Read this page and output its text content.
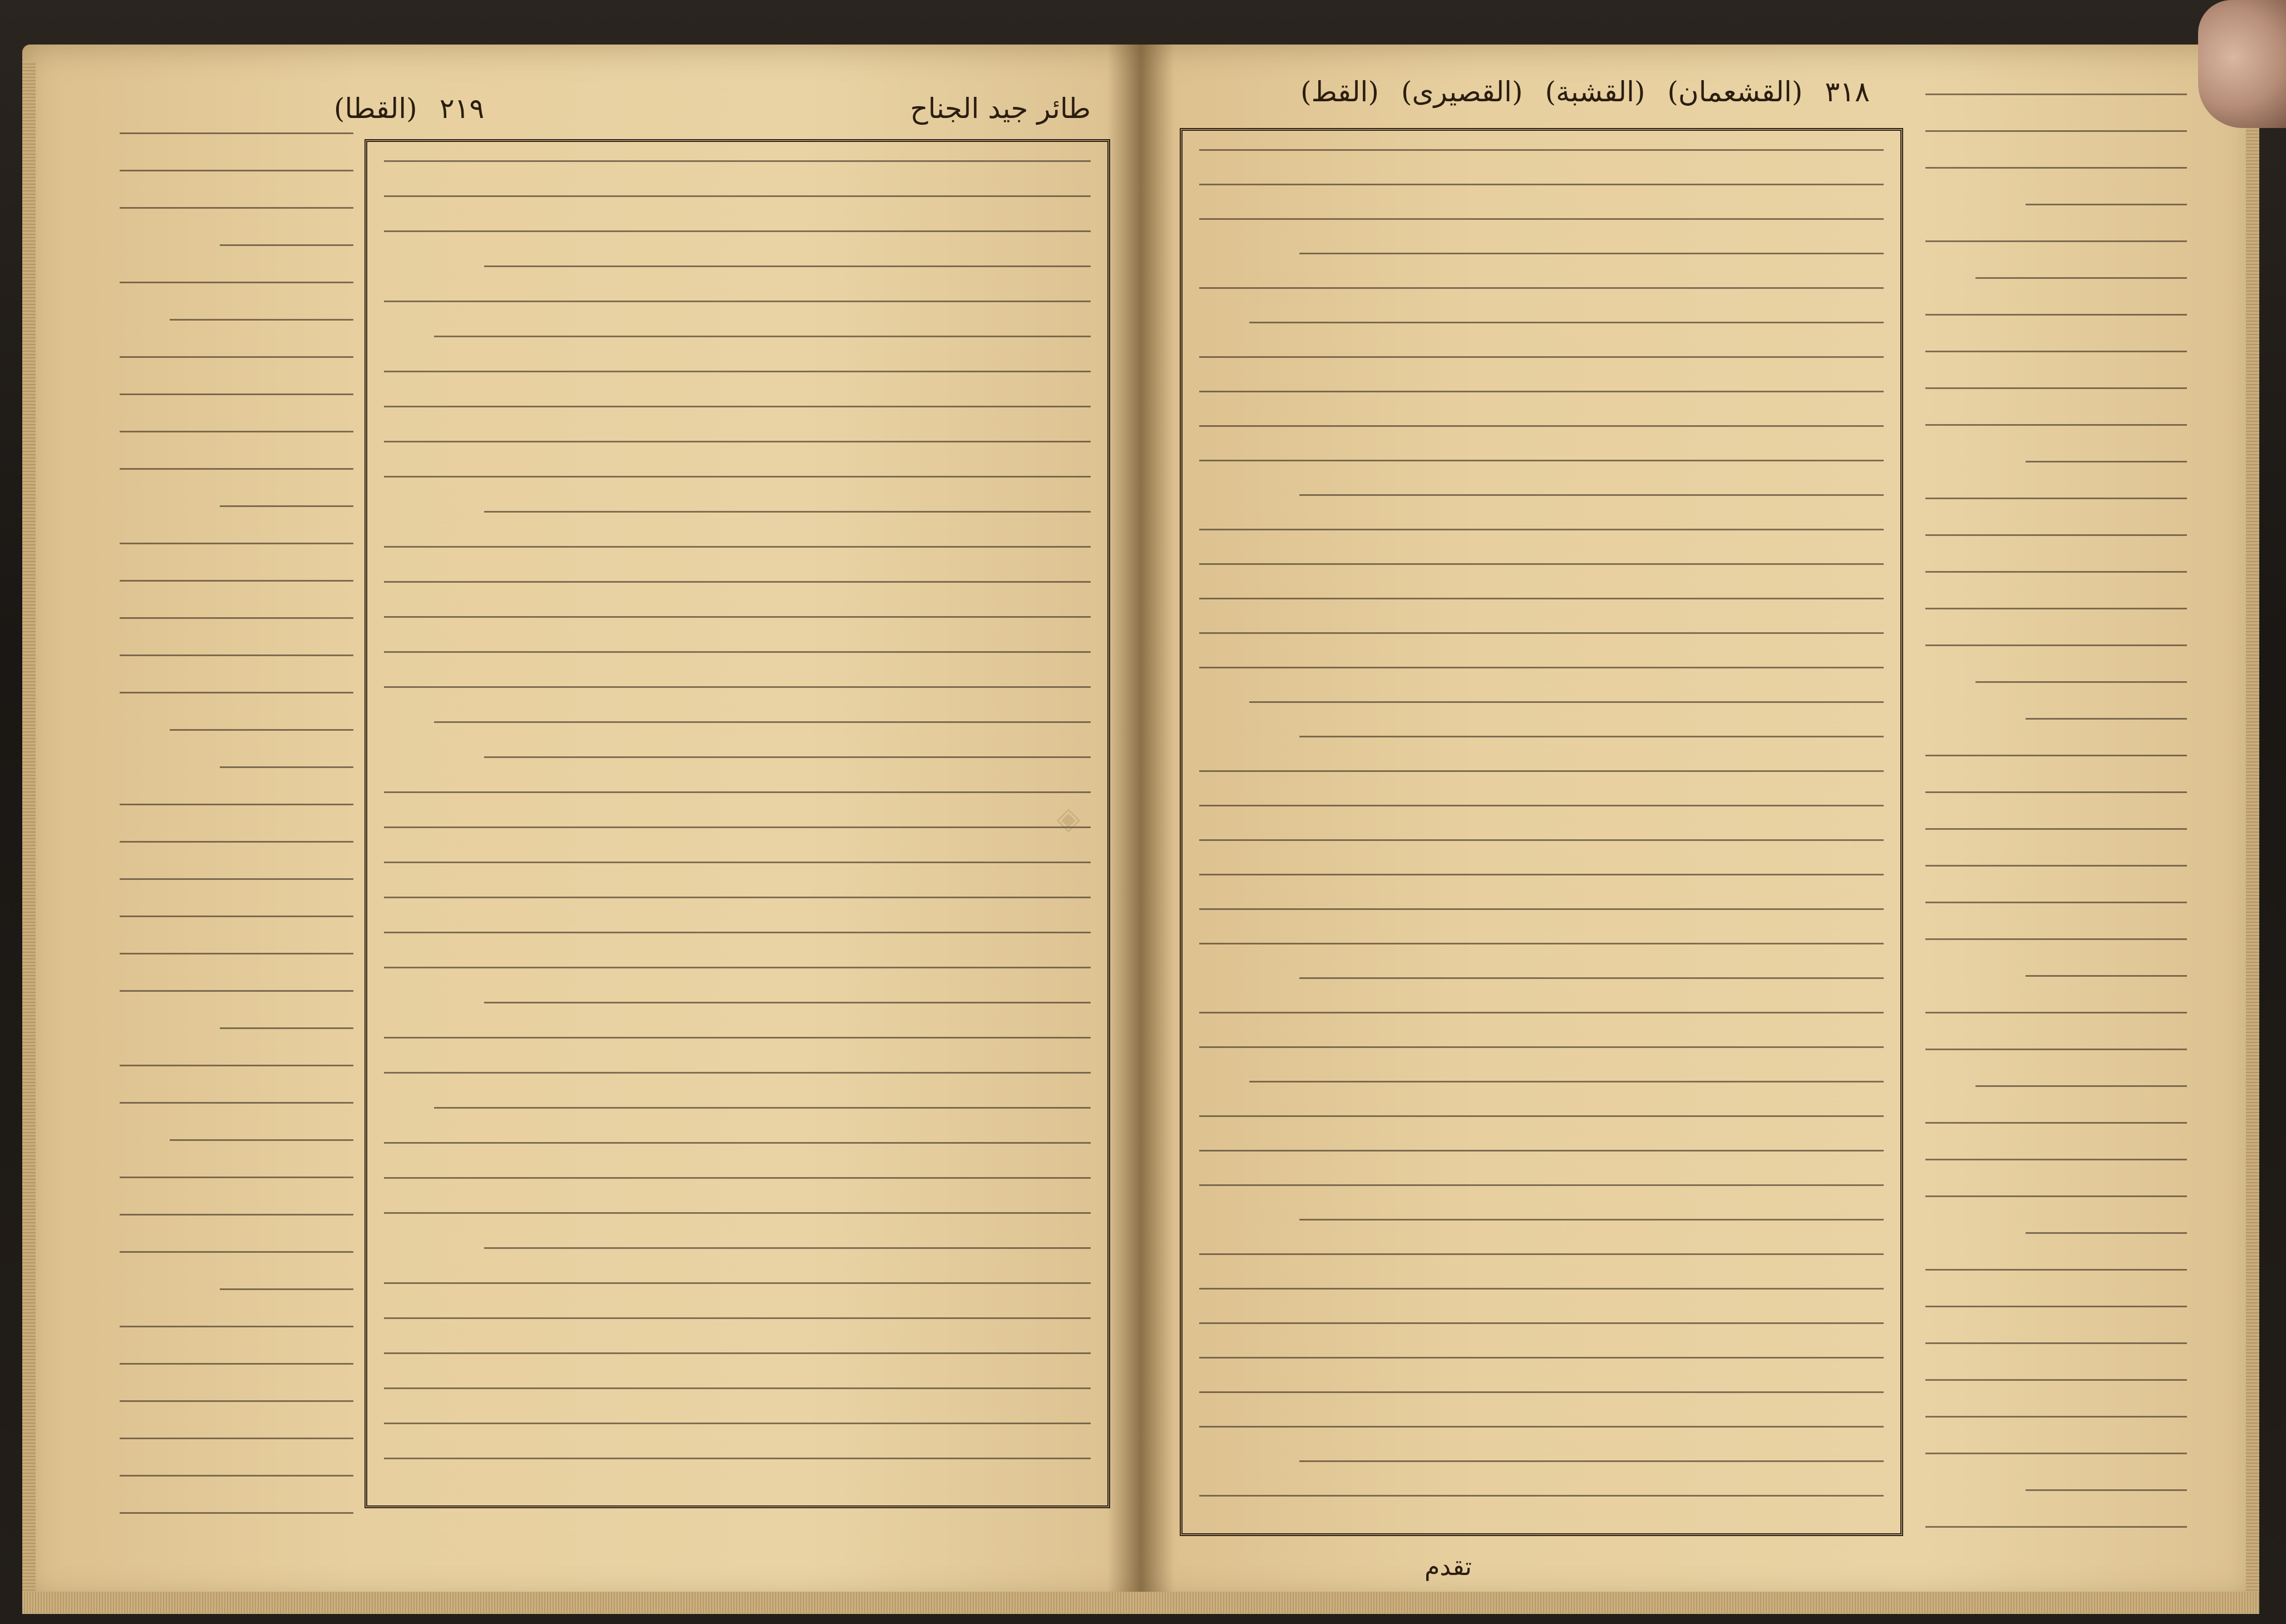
طائر جيد الجناح
٢١٩
(القطا)
٣١٨
(القشعمان)
(القشبة)
(القصيرى)
(القط)
تقدم
◈
